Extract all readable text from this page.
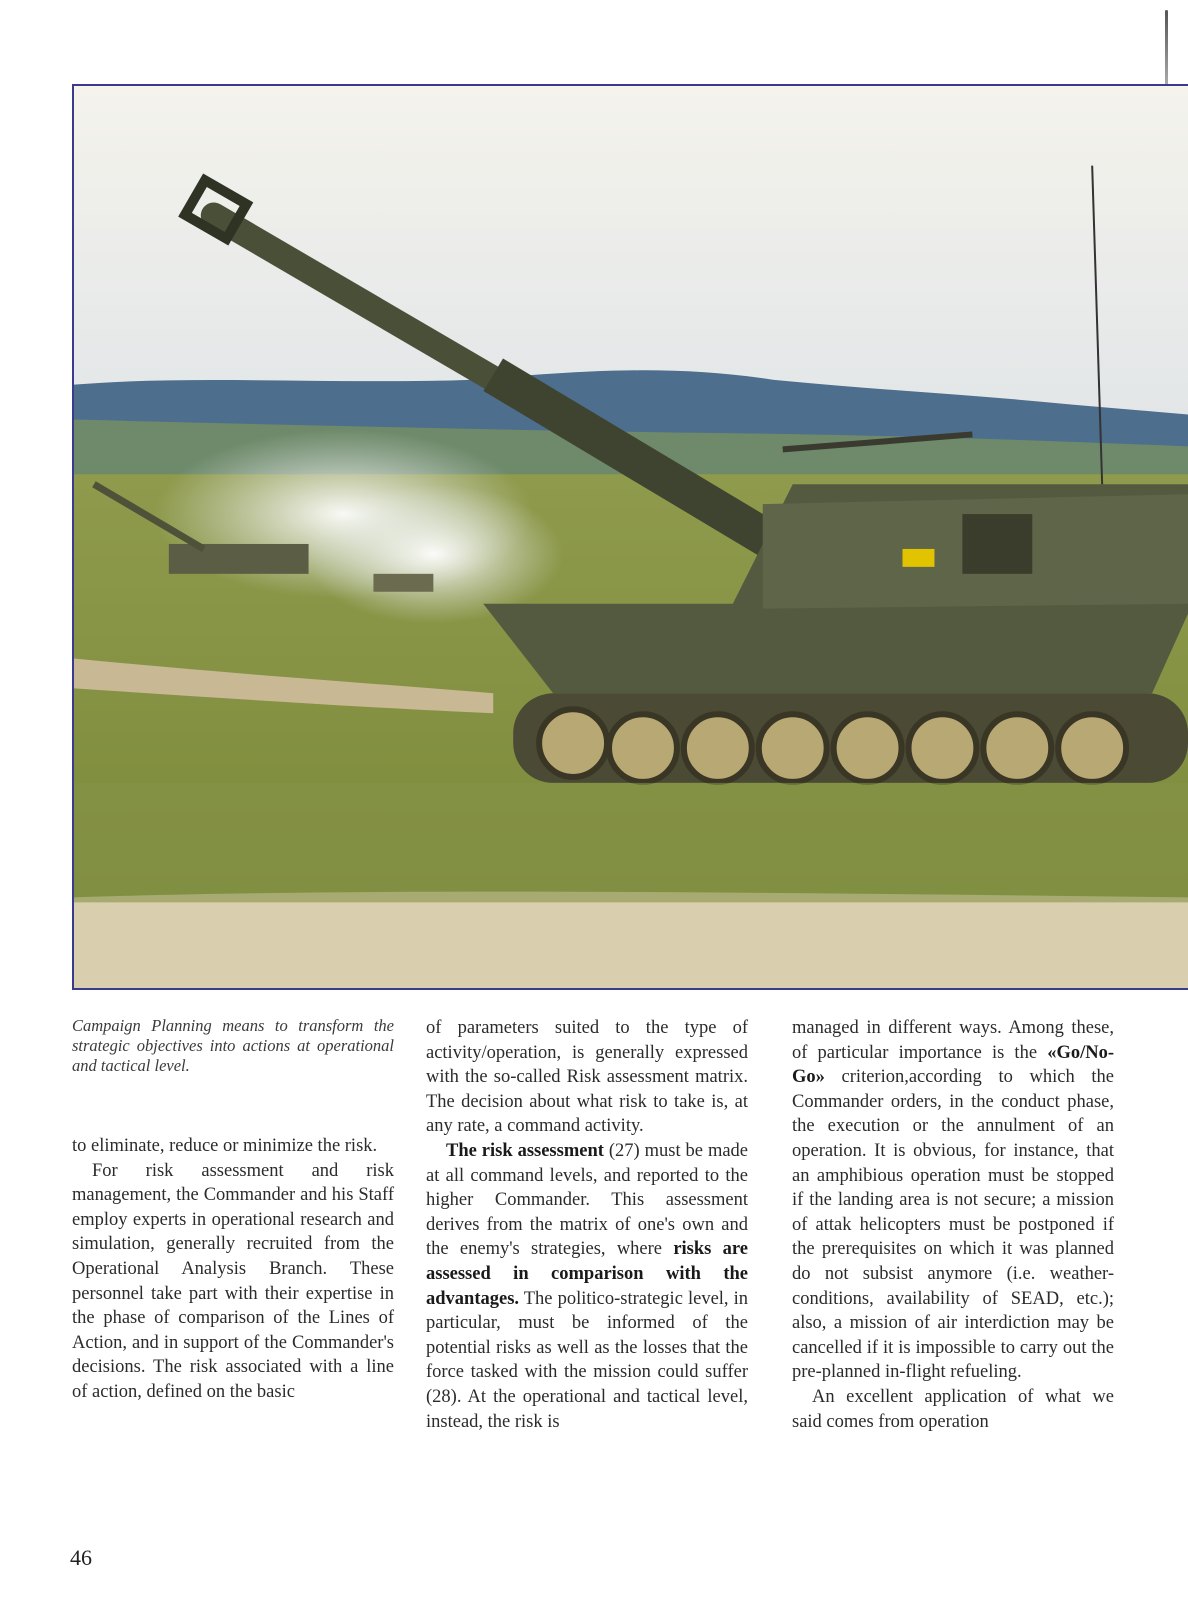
Campaign Planning means to transform the strategic objectives into actions at operational and tactical level.

to eliminate, reduce or minimize the risk.

For risk assessment and risk management, the Commander and his Staff employ experts in operational research and simulation, generally recruited from the Operational Analysis Branch. These personnel take part with their expertise in the phase of comparison of the Lines of Action, and in support of the Commander's decisions. The risk associated with a line of action, defined on the basic

of parameters suited to the type of activity/operation, is generally expressed with the so-called Risk assessment matrix. The decision about what risk to take is, at any rate, a command activity.

The risk assessment (27) must be made at all command levels, and reported to the higher Commander. This assessment derives from the matrix of one's own and the enemy's strategies, where risks are assessed in comparison with the advantages. The politico-strategic level, in particular, must be informed of the potential risks as well as the losses that the force tasked with the mission could suffer (28). At the operational and tactical level, instead, the risk is

managed in different ways. Among these, of particular importance is the «Go/No-Go» criterion,according to which the Commander orders, in the conduct phase, the execution or the annulment of an operation. It is obvious, for instance, that an amphibious operation must be stopped if the landing area is not secure; a mission of attak helicopters must be postponed if the prerequisites on which it was planned do not subsist anymore (i.e. weather-conditions, availability of SEAD, etc.); also, a mission of air interdiction may be cancelled if it is impossible to carry out the pre-planned in-flight refueling.

An excellent application of what we said comes from operation

46
